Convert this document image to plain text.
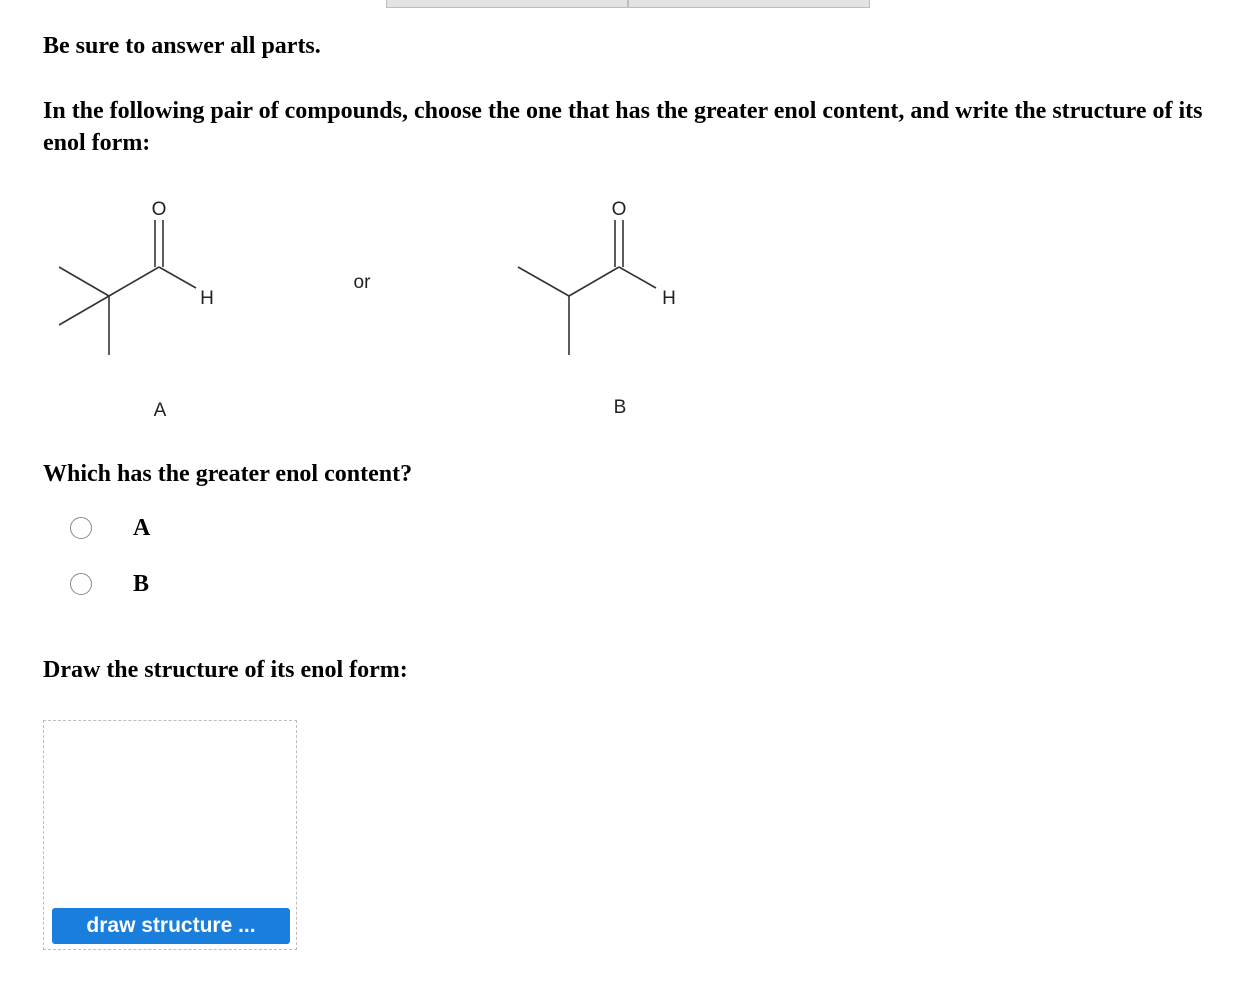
Be sure to answer all parts.

In the following pair of compounds, choose the one that has the greater enol content, and write the structure of its enol form:

O
H
A
or
O
H
B

Which has the greater enol content?

A
B

Draw the structure of its enol form:

draw structure ...
